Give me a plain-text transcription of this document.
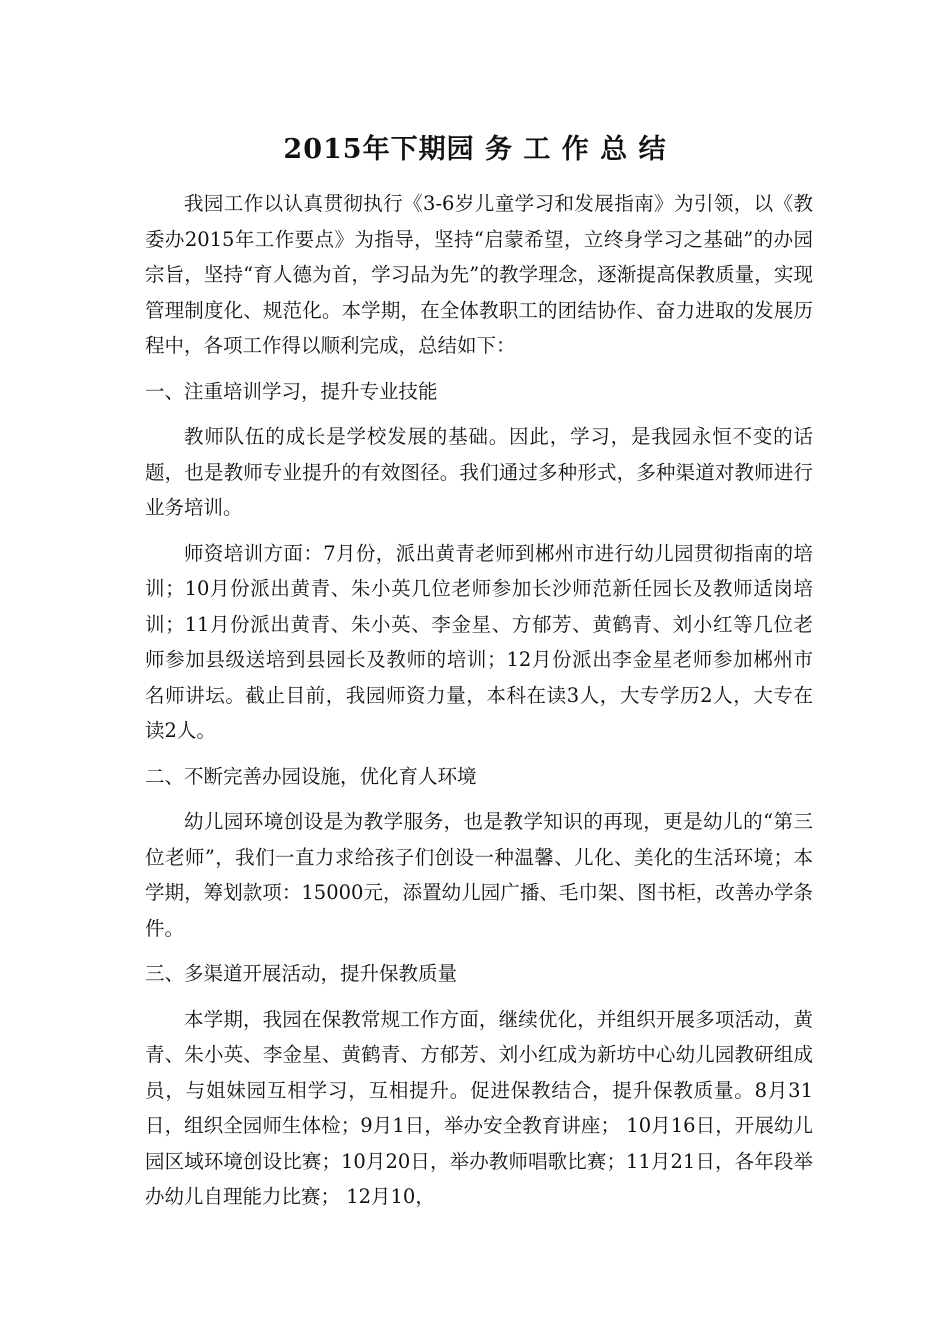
2015年下期园 务 工 作 总 结

我园工作以认真贯彻执行《3-6岁儿童学习和发展指南》为引领，以《教委办2015年工作要点》为指导，坚持“启蒙希望，立终身学习之基础”的办园宗旨，坚持“育人德为首，学习品为先”的教学理念，逐渐提高保教质量，实现管理制度化、规范化。本学期，在全体教职工的团结协作、奋力进取的发展历程中，各项工作得以顺利完成，总结如下：

一、注重培训学习，提升专业技能

教师队伍的成长是学校发展的基础。因此，学习，是我园永恒不变的话题，也是教师专业提升的有效图径。我们通过多种形式，多种渠道对教师进行业务培训。

师资培训方面：7月份，派出黄青老师到郴州市进行幼儿园贯彻指南的培训；10月份派出黄青、朱小英几位老师参加长沙师范新任园长及教师适岗培训；11月份派出黄青、朱小英、李金星、方郁芳、黄鹤青、刘小红等几位老师参加县级送培到县园长及教师的培训；12月份派出李金星老师参加郴州市名师讲坛。截止目前，我园师资力量，本科在读3人，大专学历2人，大专在读2人。

二、不断完善办园设施，优化育人环境

幼儿园环境创设是为教学服务，也是教学知识的再现，更是幼儿的“第三位老师”，我们一直力求给孩子们创设一种温馨、儿化、美化的生活环境；本学期，筹划款项：15000元，添置幼儿园广播、毛巾架、图书柜，改善办学条件。

三、多渠道开展活动，提升保教质量

本学期，我园在保教常规工作方面，继续优化，并组织开展多项活动，黄青、朱小英、李金星、黄鹤青、方郁芳、刘小红成为新坊中心幼儿园教研组成员，与姐妹园互相学习，互相提升。促进保教结合，提升保教质量。8月31日，组织全园师生体检；9月1日，举办安全教育讲座； 10月16日，开展幼儿园区域环境创设比赛；10月20日，举办教师唱歌比赛；11月21日，各年段举办幼儿自理能力比赛； 12月10，
